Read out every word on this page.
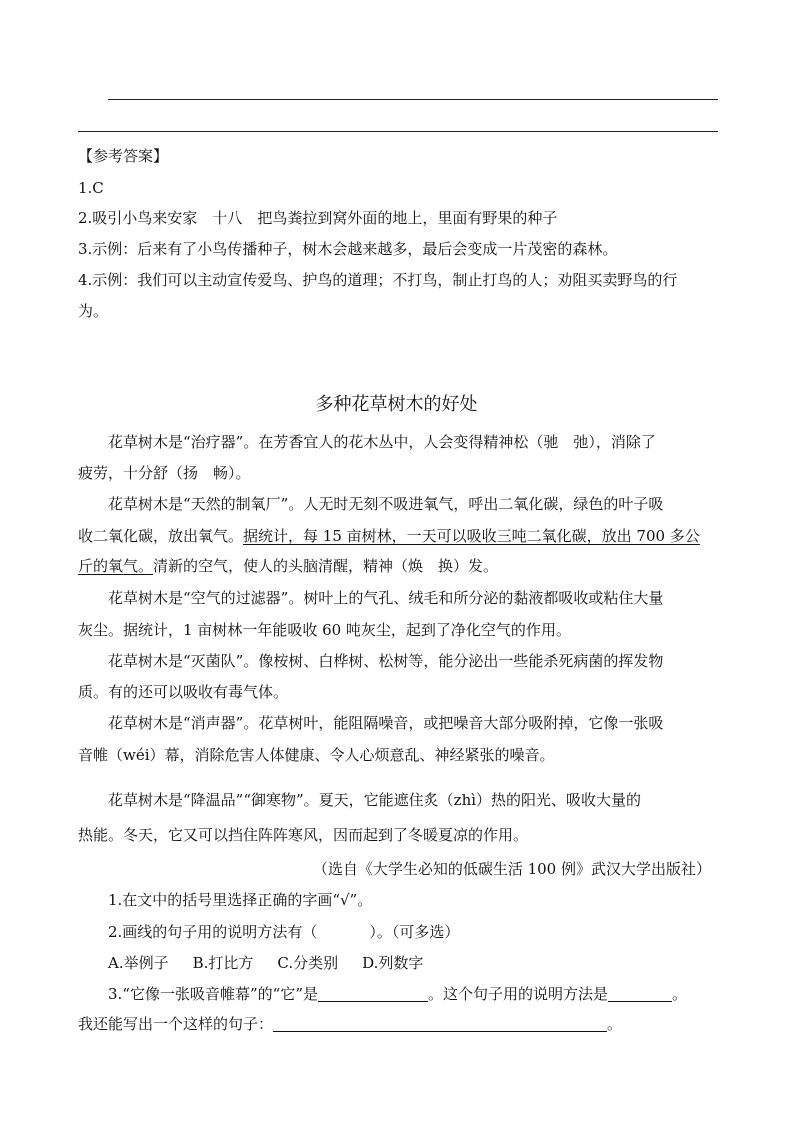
【参考答案】
1.C
2.吸引小鸟来安家　十八　把鸟粪拉到窝外面的地上，里面有野果的种子
3.示例：后来有了小鸟传播种子，树木会越来越多，最后会变成一片茂密的森林。
4.示例：我们可以主动宣传爱鸟、护鸟的道理；不打鸟，制止打鸟的人；劝阻买卖野鸟的行
为。
多种花草树木的好处
花草树木是“治疗器”。在芳香宜人的花木丛中，人会变得精神松（驰　弛），消除了
疲劳，十分舒（扬　畅）。
花草树木是“天然的制氧厂”。人无时无刻不吸进氧气，呼出二氧化碳，绿色的叶子吸
收二氧化碳，放出氧气。据统计，每 15 亩树林，一天可以吸收三吨二氧化碳，放出 700 多公
斤的氧气。清新的空气，使人的头脑清醒，精神（焕　换）发。
花草树木是“空气的过滤器”。树叶上的气孔、绒毛和所分泌的黏液都吸收或粘住大量
灰尘。据统计，1 亩树林一年能吸收 60 吨灰尘，起到了净化空气的作用。
花草树木是“灭菌队”。像桉树、白桦树、松树等，能分泌出一些能杀死病菌的挥发物
质。有的还可以吸收有毒气体。
花草树木是“消声器”。花草树叶，能阻隔噪音，或把噪音大部分吸附掉，它像一张吸
音帷（wéi）幕，消除危害人体健康、令人心烦意乱、神经紧张的噪音。
花草树木是“降温品”“御寒物”。夏天，它能遮住炙（zhì）热的阳光、吸收大量的
热能。冬天，它又可以挡住阵阵寒风，因而起到了冬暖夏凉的作用。
（选自《大学生必知的低碳生活 100 例》武汉大学出版社）
1.在文中的括号里选择正确的字画“√”。
2.画线的句子用的说明方法有（	）。（可多选）
A.举例子 B.打比方 C.分类别 D.列数字
3.“它像一张吸音帷幕”的“它”是	。这个句子用的说明方法是	。
我还能写出一个这样的句子：	。
